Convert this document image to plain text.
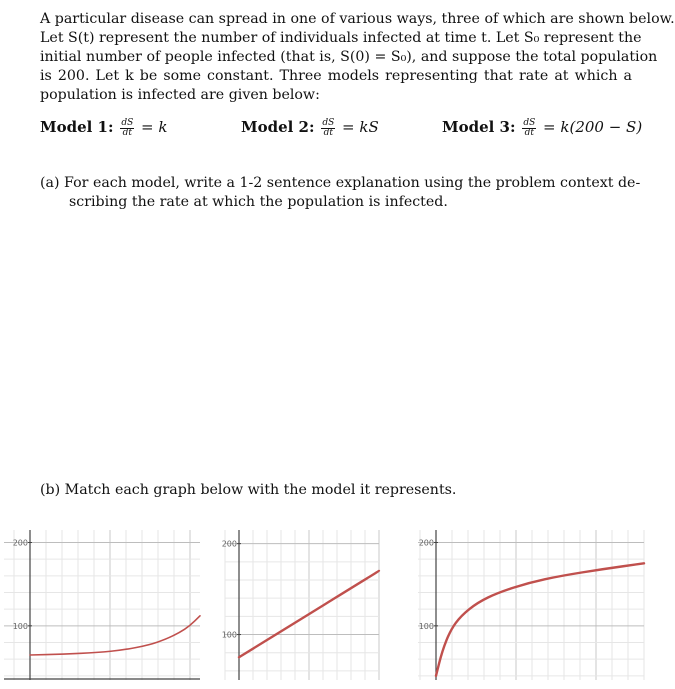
A particular disease can spread in one of various ways, three of which are shown below.
Let S(t) represent the number of individuals infected at time t. Let S₀ represent the
initial number of people infected (that is, S(0) = S₀), and suppose the total population
is 200. Let k be some constant. Three models representing that rate at which a
population is infected are given below:
Model 1: $\frac{dS}{dt} = k$	Model 2: $\frac{dS}{dt}$ = kS	Model 3: $\frac{dS}{dt} = k(200 - S)$
(a) For each model, write a 1-2 sentence explanation using the problem context de-
scribing the rate at which the population is infected.
(b) Match each graph below with the model it represents.
100
200
100
200
100
200
